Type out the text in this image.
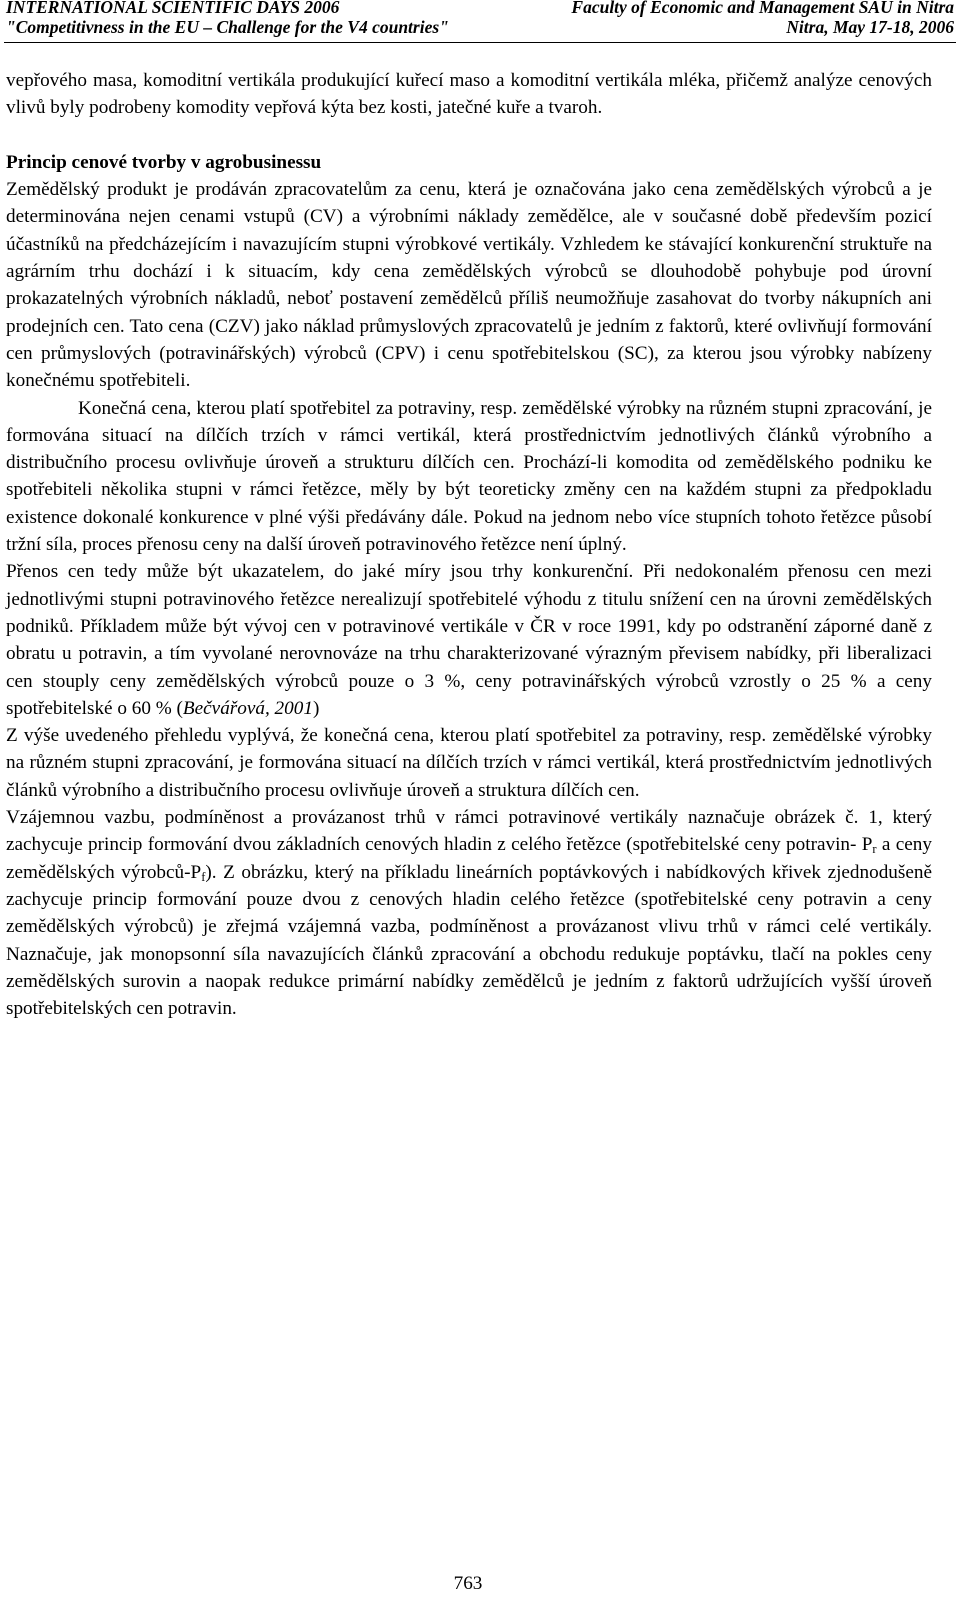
INTERNATIONAL SCIENTIFIC DAYS 2006	Faculty of Economic and Management SAU in Nitra
"Competitivness in the EU – Challenge for the V4 countries"	Nitra, May 17-18, 2006

vepřového masa, komoditní vertikála produkující kuřecí maso a komoditní vertikála mléka, přičemž analýze cenových vlivů byly podrobeny komodity vepřová kýta bez kosti, jatečné kuře a tvaroh.

Princip cenové tvorby v agrobusinessu

Zemědělský produkt je prodáván zpracovatelům za cenu, která je označována jako cena zemědělských výrobců a je determinována nejen cenami vstupů (CV) a výrobními náklady zemědělce, ale v současné době především pozicí účastníků na předcházejícím i navazujícím stupni výrobkové vertikály. Vzhledem ke stávající konkurenční struktuře na agrárním trhu dochází i k situacím, kdy cena zemědělských výrobců se dlouhodobě pohybuje pod úrovní prokazatelných výrobních nákladů, neboť postavení zemědělců příliš neumožňuje zasahovat do tvorby nákupních ani prodejních cen. Tato cena (CZV) jako náklad průmyslových zpracovatelů je jedním z faktorů, které ovlivňují formování cen průmyslových (potravinářských) výrobců (CPV) i cenu spotřebitelskou (SC), za kterou jsou výrobky nabízeny konečnému spotřebiteli.

Konečná cena, kterou platí spotřebitel za potraviny, resp. zemědělské výrobky na různém stupni zpracování, je formována situací na dílčích trzích v rámci vertikál, která prostřednictvím jednotlivých článků výrobního a distribučního procesu ovlivňuje úroveň a strukturu dílčích cen. Prochází-li komodita od zemědělského podniku ke spotřebiteli několika stupni v rámci řetězce, měly by být teoreticky změny cen na každém stupni za předpokladu existence dokonalé konkurence v plné výši předávány dále. Pokud na jednom nebo více stupních tohoto řetězce působí tržní síla, proces přenosu ceny na další úroveň potravinového řetězce není úplný.

Přenos cen tedy může být ukazatelem, do jaké míry jsou trhy konkurenční. Při nedokonalém přenosu cen mezi jednotlivými stupni potravinového řetězce nerealizují spotřebitelé výhodu z titulu snížení cen na úrovni zemědělských podniků. Příkladem může být vývoj cen v potravinové vertikále v ČR v roce 1991, kdy po odstranění záporné daně z obratu u potravin, a tím vyvolané nerovnováze na trhu charakterizované výrazným převisem nabídky, při liberalizaci cen stouply ceny zemědělských výrobců pouze o 3 %, ceny potravinářských výrobců vzrostly o 25 % a ceny spotřebitelské o 60 % (Bečvářová, 2001)

Z výše uvedeného přehledu vyplývá, že konečná cena, kterou platí spotřebitel za potraviny, resp. zemědělské výrobky na různém stupni zpracování, je formována situací na dílčích trzích v rámci vertikál, která prostřednictvím jednotlivých článků výrobního a distribučního procesu ovlivňuje úroveň a struktura dílčích cen.

Vzájemnou vazbu, podmíněnost a provázanost trhů v rámci potravinové vertikály naznačuje obrázek č. 1, který zachycuje princip formování dvou základních cenových hladin z celého řetězce (spotřebitelské ceny potravin- $P_r$ a ceny zemědělských výrobců-$P_f$). Z obrázku, který na příkladu lineárních poptávkových i nabídkových křivek zjednodušeně zachycuje princip formování pouze dvou z cenových hladin celého řetězce (spotřebitelské ceny potravin a ceny zemědělských výrobců) je zřejmá vzájemná vazba, podmíněnost a provázanost vlivu trhů v rámci celé vertikály. Naznačuje, jak monopsonní síla navazujících článků zpracování a obchodu redukuje poptávku, tlačí na pokles ceny zemědělských surovin a naopak redukce primární nabídky zemědělců je jedním z faktorů udržujících vyšší úroveň spotřebitelských cen potravin.

763
